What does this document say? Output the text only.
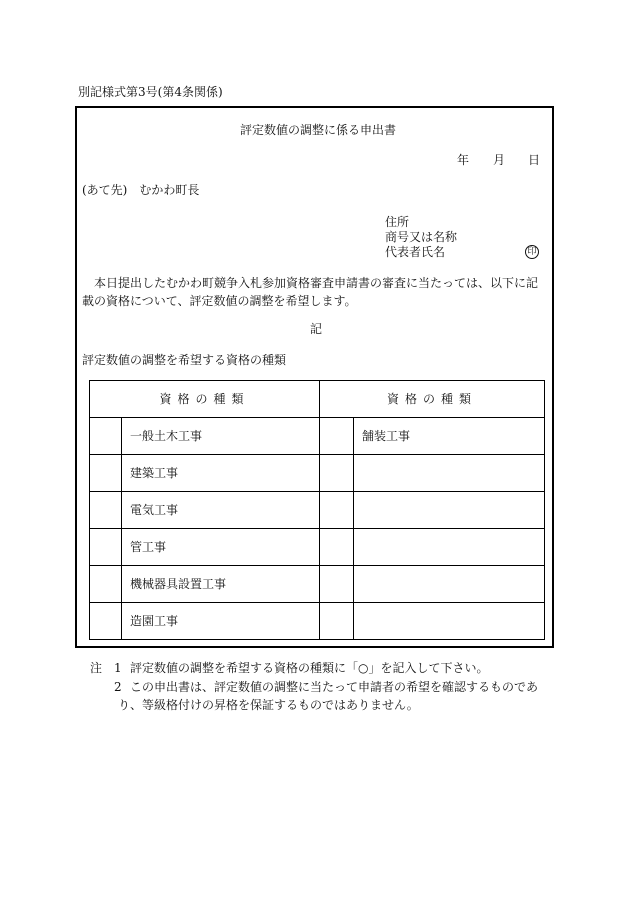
別記様式第3号(第4条関係)
評定数値の調整に係る申出書
年 月 日
(あて先)　むかわ町長
住所
商号又は名称
代表者氏名	印
本日提出したむかわ町競争入札参加資格審査申請書の審査に当たっては、以下に記載の資格について、評定数値の調整を希望します。
記
評定数値の調整を希望する資格の種類
資格の種類		資格の種類	
	一般土木工事		舗装工事
	建築工事		
	電気工事		
	管工事		
	機械器具設置工事		
	造園工事		
注 1 評定数値の調整を希望する資格の種類に「○」を記入して下さい。
2 この申出書は、評定数値の調整に当たって申請者の希望を確認するものであり、等級格付けの昇格を保証するものではありません。
